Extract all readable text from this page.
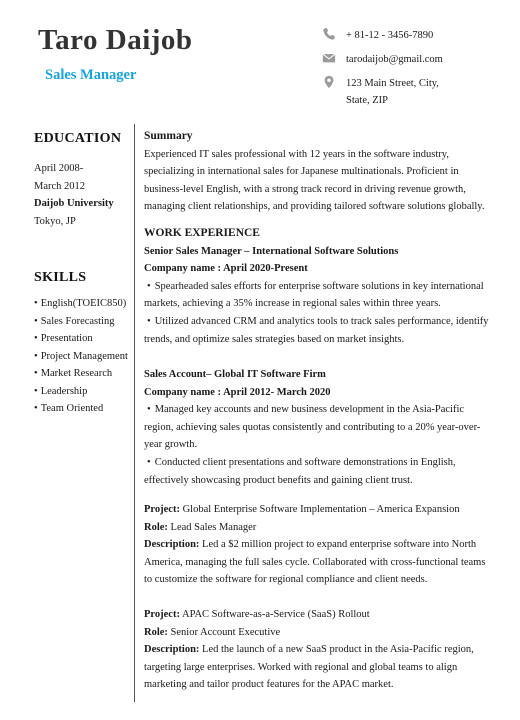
Taro Daijob
Sales Manager
+ 81-12 - 3456-7890
tarodaijob@gmail.com
123 Main Street, City,
State, ZIP
EDUCATION
April 2008-
March 2012
Daijob University
Tokyo, JP
SKILLS
• English(TOEIC850)
• Sales Forecasting
• Presentation
• Project Management
• Market Research
• Leadership
• Team Oriented
Summary
Experienced IT sales professional with 12 years in the software industry, specializing in international sales for Japanese multinationals. Proficient in business-level English, with a strong track record in driving revenue growth, managing client relationships, and providing tailored software solutions globally.
WORK EXPERIENCE
Senior Sales Manager – International Software Solutions
Company name : April 2020-Present
• Spearheaded sales efforts for enterprise software solutions in key international markets, achieving a 35% increase in regional sales within three years.
• Utilized advanced CRM and analytics tools to track sales performance, identify trends, and optimize sales strategies based on market insights.
Sales Account– Global IT Software Firm
Company name : April 2012- March 2020
• Managed key accounts and new business development in the Asia-Pacific region, achieving sales quotas consistently and contributing to a 20% year-over-year growth.
• Conducted client presentations and software demonstrations in English, effectively showcasing product benefits and gaining client trust.
Project: Global Enterprise Software Implementation – America Expansion
Role: Lead Sales Manager
Description: Led a $2 million project to expand enterprise software into North America, managing the full sales cycle. Collaborated with cross-functional teams to customize the software for regional compliance and client needs.
Project: APAC Software-as-a-Service (SaaS) Rollout
Role: Senior Account Executive
Description: Led the launch of a new SaaS product in the Asia-Pacific region, targeting large enterprises. Worked with regional and global teams to align marketing and tailor product features for the APAC market.
